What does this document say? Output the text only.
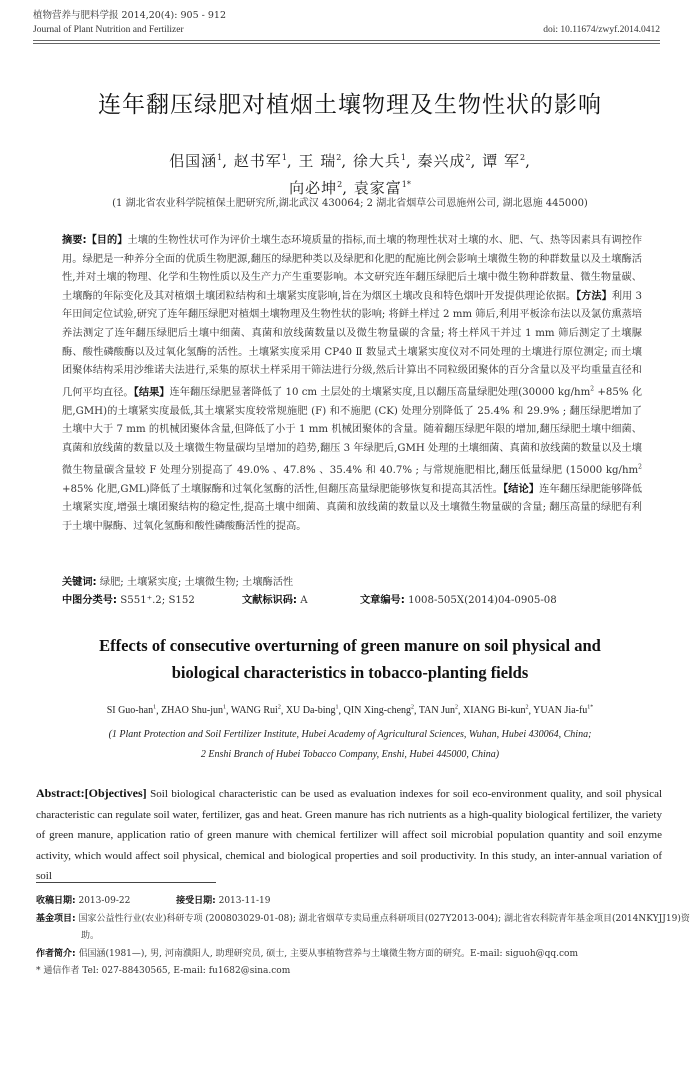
植物营养与肥料学报 2014,20(4): 905 - 912
Journal of Plant Nutrition and Fertilizer	doi: 10.11674/zwyf.2014.0412
连年翻压绿肥对植烟土壤物理及生物性状的影响
佀国涵$^1$, 赵书军$^1$, 王 瑞$^2$, 徐大兵$^1$, 秦兴成$^2$, 谭 军$^2$,
向必坤$^2$, 袁家富$^{1*}$
(1 湖北省农业科学院植保土肥研究所,湖北武汉 430064; 2 湖北省烟草公司恩施州公司, 湖北恩施 445000)
摘要:【目的】土壤的生物性状可作为评价土壤生态环境质量的指标,而土壤的物理性状对土壤的水、肥、气、热等因素具有调控作用。绿肥是一种养分全面的优质生物肥源,翻压的绿肥种类以及绿肥和化肥的配施比例会影响土壤微生物的种群数量以及土壤酶活性,并对土壤的物理、化学和生物性质以及生产力产生重要影响。本文研究连年翻压绿肥后土壤中微生物种群数量、微生物量碳、土壤酶的年际变化及其对植烟土壤团粒结构和土壤紧实度影响,旨在为烟区土壤改良和特色烟叶开发提供理论依据。【方法】利用 3 年田间定位试验,研究了连年翻压绿肥对植烟土壤物理及生物性状的影响; 将鲜土样过 2 mm 筛后,利用平板涂布法以及氯仿熏蒸培养法测定了连年翻压绿肥后土壤中细菌、真菌和放线菌数量以及微生物量碳的含量; 将土样风干并过 1 mm 筛后测定了土壤脲酶、酸性磷酸酶以及过氧化氢酶的活性。土壤紧实度采用 CP40 Ⅱ 数显式土壤紧实度仪对不同处理的土壤进行原位测定; 而土壤团聚体结构采用沙维诺夫法进行,采集的原状土样采用干筛法进行分级,然后计算出不同粒级团聚体的百分含量以及平均重量直径和几何平均直径。【结果】连年翻压绿肥显著降低了 10 cm 土层处的土壤紧实度,且以翻压高量绿肥处理(30000 $kg/hm^2 +85\%$ 化肥,GMH)的土壤紧实度最低,其土壤紧实度较常规施肥 (F) 和不施肥 (CK) 处理分别降低了 25.4% 和 29.9% ; 翻压绿肥增加了土壤中大于 7 mm 的机械团聚体含量,但降低了小于 1 mm 机械团聚体的含量。随着翻压绿肥年限的增加,翻压绿肥土壤中细菌、真菌和放线菌的数量以及土壤微生物量碳均呈增加的趋势,翻压 3 年绿肥后,GMH 处理的土壤细菌、真菌和放线菌的数量以及土壤微生物量碳含量较 F 处理分别提高了 49.0% 、47.8% 、35.4% 和 40.7% ; 与常规施肥相比,翻压低量绿肥 (15000 $kg/hm^2 +85\%$ 化肥,GML)降低了土壤脲酶和过氧化氢酶的活性,但翻压高量绿肥能够恢复和提高其活性。【结论】连年翻压绿肥能够降低土壤紧实度,增强土壤团聚结构的稳定性,提高土壤中细菌、真菌和放线菌的数量以及土壤微生物量碳的含量; 翻压高量的绿肥有利于土壤中脲酶、过氧化氢酶和酸性磷酸酶活性的提高。
关键词: 绿肥; 土壤紧实度; 土壤微生物; 土壤酶活性
中图分类号: S551⁺.2; S152	文献标识码: A	文章编号: 1008-505X(2014)04-0905-08
Effects of consecutive overturning of green manure on soil physical and
biological characteristics in tobacco-planting fields
SI Guo-han$^1$, ZHAO Shu-jun$^1$, WANG Rui$^2$, XU Da-bing$^1$, QIN Xing-cheng$^2$, TAN Jun$^2$, XIANG Bi-kun$^2$, YUAN Jia-$fu^{1*}$
(1 Plant Protection and Soil Fertilizer Institute, Hubei Academy of Agricultural Sciences, Wuhan, Hubei 430064, China;
2 Enshi Branch of Hubei Tobacco Company, Enshi, Hubei 445000, China)
Abstract:[Objectives] Soil biological characteristic can be used as evaluation indexes for soil eco-environment quality, and soil physical characteristic can regulate soil water, fertilizer, gas and heat. Green manure has rich nutrients as a high-quality biological fertilizer, the variety of green manure, application ratio of green manure with chemical fertilizer will affect soil microbial population quantity and soil enzyme activity, which would affect soil physical, chemical and biological properties and soil productivity. In this study, an inter-annual variation of soil
收稿日期: 2013-09-22	接受日期: 2013-11-19
基金项目: 国家公益性行业(农业)科研专项 (200803029-01-08); 湖北省烟草专卖局重点科研项目(027Y2013-004); 湖北省农科院青年基金项目(2014NKYJJ19)资助。
作者简介: 佀国涵(1981—), 男, 河南濮阳人, 助理研究员, 硕士, 主要从事植物营养与土壤微生物方面的研究。E-mail: siguoh@qq.com
* 通信作者 Tel: 027-88430565, E-mail: fu1682@sina.com
